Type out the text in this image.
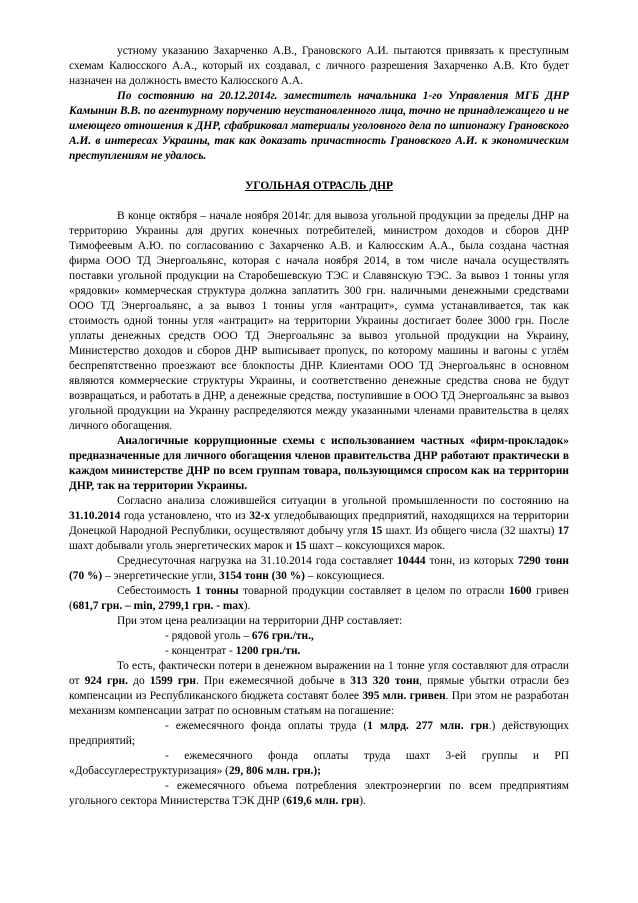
устному указанию Захарченко А.В., Грановского А.И. пытаются привязать к преступным схемам Калюсского А.А., который их создавал, с личного разрешения Захарченко А.В. Кто будет назначен на должность вместо Калюсского А.А.

По состоянию на 20.12.2014г. заместитель начальника 1-го Управления МГБ ДНР Камынин В.В. по агентурному поручению неустановленного лица, точно не принадлежащего и не имеющего отношения к ДНР, сфабриковал материалы уголовного дела по шпионажу Грановского А.И. в интересах Украины, так как доказать причастность Грановского А.И. к экономическим преступлениям не удалось.

УГОЛЬНАЯ ОТРАСЛЬ ДНР

В конце октября – начале ноября 2014г. для вывоза угольной продукции за пределы ДНР на территорию Украины для других конечных потребителей, министром доходов и сборов ДНР Тимофеевым А.Ю. по согласованию с Захарченко А.В. и Калюсским А.А., была создана частная фирма ООО ТД Энергоальянс, которая с начала ноября 2014, в том числе начала осуществлять поставки угольной продукции на Старобешевскую ТЭС и Славянскую ТЭС. За вывоз 1 тонны угля «рядовки» коммерческая структура должна заплатить 300 грн. наличными денежными средствами ООО ТД Энергоальянс, а за вывоз 1 тонны угля «антрацит», сумма устанавливается, так как стоимость одной тонны угля «антрацит» на территории Украины достигает более 3000 грн. После уплаты денежных средств ООО ТД Энергоальянс за вывоз угольной продукции на Украину, Министерство доходов и сборов ДНР выписывает пропуск, по которому машины и вагоны с углём беспрепятственно проезжают все блокпосты ДНР. Клиентами ООО ТД Энергоальянс в основном являются коммерческие структуры Украины, и соответственно денежные средства снова не будут возвращаться, и работать в ДНР, а денежные средства, поступившие в ООО ТД Энергоальянс за вывоз угольной продукции на Украину распределяются между указанными членами правительства в целях личного обогащения.

Аналогичные коррупционные схемы с использованием частных «фирм-прокладок» предназначенные для личного обогащения членов правительства ДНР работают практически в каждом министерстве ДНР по всем группам товара, пользующимся спросом как на территории ДНР, так на территории Украины.

Согласно анализа сложившейся ситуации в угольной промышленности по состоянию на 31.10.2014 года установлено, что из 32-х угледобывающих предприятий, находящихся на территории Донецкой Народной Республики, осуществляют добычу угля 15 шахт. Из общего числа (32 шахты) 17 шахт добывали уголь энергетических марок и 15 шахт – коксующихся марок.

Среднесуточная нагрузка на 31.10.2014 года составляет 10444 тонн, из которых 7290 тонн (70 %) – энергетические угли, 3154 тонн (30 %) – коксующиеся.

Себестоимость 1 тонны товарной продукции составляет в целом по отрасли 1600 гривен (681,7 грн. – min, 2799,1 грн. - max).

При этом цена реализации на территории ДНР составляет:

- рядовой уголь – 676 грн./тн.,

- концентрат - 1200 грн./тн.

То есть, фактически потери в денежном выражении на 1 тонне угля составляют для отрасли от 924 грн. до 1599 грн. При ежемесячной добыче в 313 320 тонн, прямые убытки отрасли без компенсации из Республиканского бюджета составят более 395 млн. гривен. При этом не разработан механизм компенсации затрат по основным статьям на погашение:

- ежемесячного фонда оплаты труда (1 млрд. 277 млн. грн.) действующих предприятий;

- ежемесячного фонда оплаты труда шахт 3-ей группы и РП «Добассуглереструктуризация» (29, 806 млн. грн.);

- ежемесячного объема потребления электроэнергии по всем предприятиям угольного сектора Министерства ТЭК ДНР (619,6 млн. грн).
